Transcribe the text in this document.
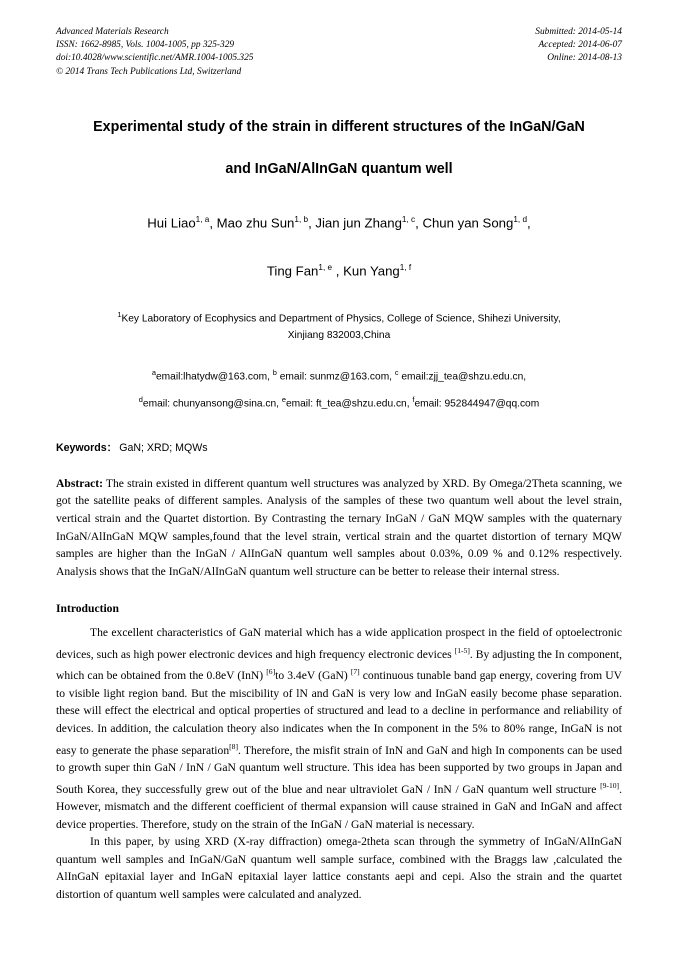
Advanced Materials Research
ISSN: 1662-8985, Vols. 1004-1005, pp 325-329
doi:10.4028/www.scientific.net/AMR.1004-1005.325
© 2014 Trans Tech Publications Ltd, Switzerland
Submitted: 2014-05-14
Accepted: 2014-06-07
Online: 2014-08-13
Experimental study of the strain in different structures of the InGaN/GaN
and InGaN/AlInGaN quantum well
Hui Liao$^{1, a}$, Mao zhu Sun$^{1, b}$, Jian jun Zhang$^{1, c}$, Chun yan Song$^{1, d}$,
Ting Fan$^{1, e}$ , Kun Yang$^{1, f}$
$^1$Key Laboratory of Ecophysics and Department of Physics, College of Science, Shihezi University,
Xinjiang 832003,China
$^a$email:lhatydw@163.com, $^b$ email: sunmz@163.com, $^c$ email:zjj_tea@shzu.edu.cn,
$^d$email: chunyansong@sina.cn, $^e$email: ft_tea@shzu.edu.cn, $^f$email: 952844947@qq.com
Keywords： GaN; XRD; MQWs
Abstract: The strain existed in different quantum well structures was analyzed by XRD. By Omega/2Theta scanning, we got the satellite peaks of different samples. Analysis of the samples of these two quantum well about the level strain, vertical strain and the Quartet distortion. By Contrasting the ternary InGaN / GaN MQW samples with the quaternary InGaN/AlInGaN MQW samples,found that the level strain, vertical strain and the quartet distortion of ternary MQW samples are higher than the InGaN / AlInGaN quantum well samples about 0.03%, 0.09 % and 0.12% respectively. Analysis shows that the InGaN/AlInGaN quantum well structure can be better to release their internal stress.
Introduction
The excellent characteristics of GaN material which has a wide application prospect in the field of optoelectronic devices, such as high power electronic devices and high frequency electronic devices [1-5]. By adjusting the In component, which can be obtained from the 0.8eV (InN) [6]to 3.4eV (GaN) [7] continuous tunable band gap energy, covering from UV to visible light region band. But the miscibility of lN and GaN is very low and InGaN easily become phase separation. these will effect the electrical and optical properties of structured and lead to a decline in performance and reliability of devices. In addition, the calculation theory also indicates when the In component in the 5% to 80% range, InGaN is not easy to generate the phase separation[8]. Therefore, the misfit strain of InN and GaN and high In components can be used to growth super thin GaN / InN / GaN quantum well structure. This idea has been supported by two groups in Japan and South Korea, they successfully grew out of the blue and near ultraviolet GaN / InN / GaN quantum well structure [9-10]. However, mismatch and the different coefficient of thermal expansion will cause strained in GaN and InGaN and affect device properties. Therefore, study on the strain of the InGaN / GaN material is necessary.
In this paper, by using XRD (X-ray diffraction) omega-2theta scan through the symmetry of InGaN/AlInGaN quantum well samples and InGaN/GaN quantum well sample surface, combined with the Braggs law ,calculated the AlInGaN epitaxial layer and InGaN epitaxial layer lattice constants aepi and cepi. Also the strain and the quartet distortion of quantum well samples were calculated and analyzed.
